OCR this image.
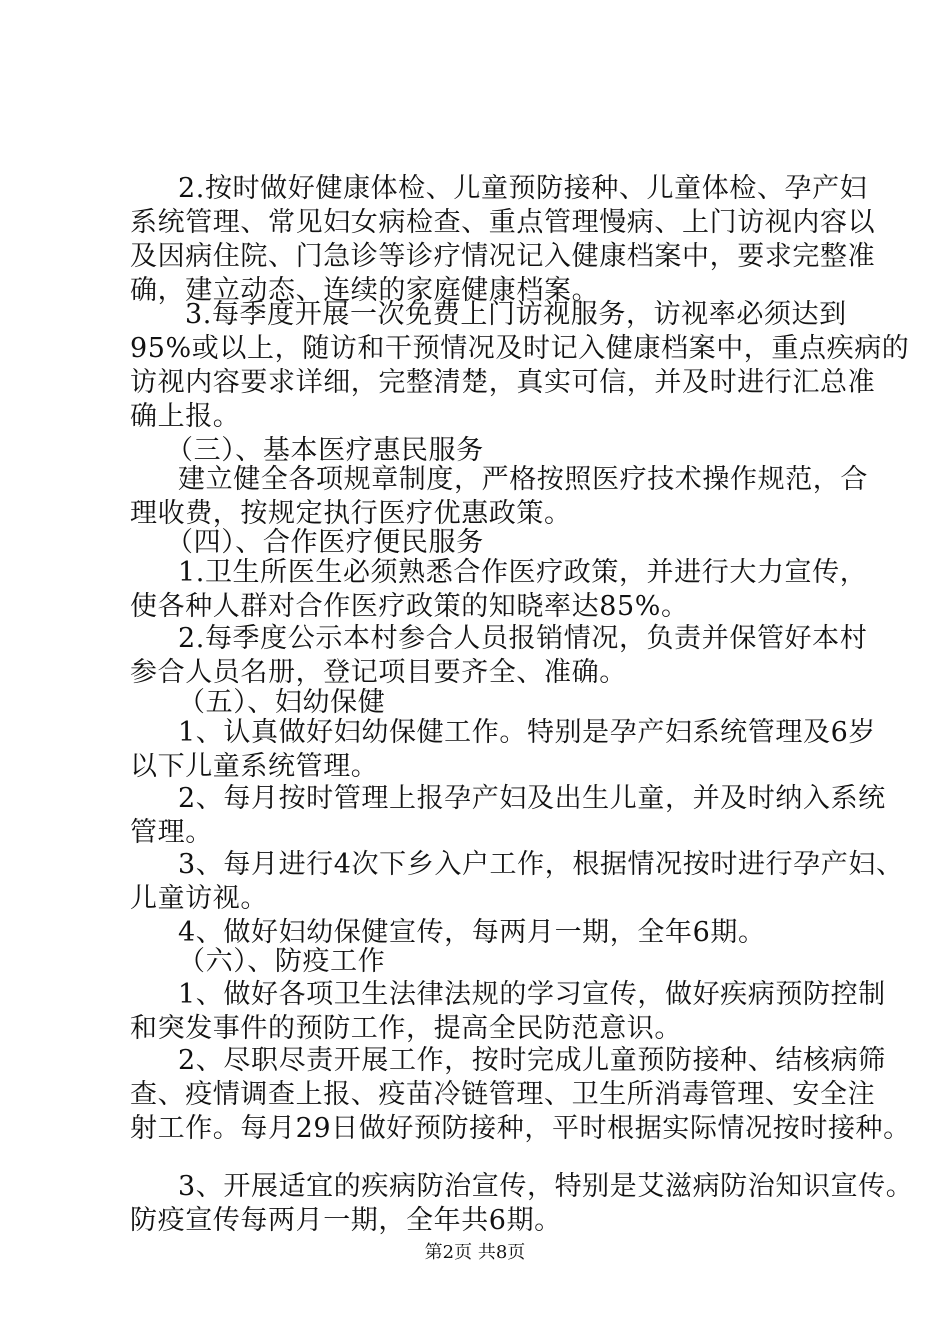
2.按时做好健康体检、儿童预防接种、儿童体检、孕产妇
系统管理、常见妇女病检查、重点管理慢病、上门访视内容以
及因病住院、门急诊等诊疗情况记入健康档案中，要求完整准
确，建立动态、连续的家庭健康档案。
3.每季度开展一次免费上门访视服务，访视率必须达到
95%或以上，随访和干预情况及时记入健康档案中，重点疾病的
访视内容要求详细，完整清楚，真实可信，并及时进行汇总准
确上报。
（三）、基本医疗惠民服务
建立健全各项规章制度，严格按照医疗技术操作规范，合
理收费，按规定执行医疗优惠政策。
（四）、合作医疗便民服务
1.卫生所医生必须熟悉合作医疗政策，并进行大力宣传，
使各种人群对合作医疗政策的知晓率达85%。
2.每季度公示本村参合人员报销情况，负责并保管好本村
参合人员名册，登记项目要齐全、准确。
（五）、妇幼保健
1、认真做好妇幼保健工作。特别是孕产妇系统管理及6岁
以下儿童系统管理。
2、每月按时管理上报孕产妇及出生儿童，并及时纳入系统
管理。
3、每月进行4次下乡入户工作，根据情况按时进行孕产妇、
儿童访视。
4、做好妇幼保健宣传，每两月一期，全年6期。
（六）、防疫工作
1、做好各项卫生法律法规的学习宣传，做好疾病预防控制
和突发事件的预防工作，提高全民防范意识。
2、尽职尽责开展工作，按时完成儿童预防接种、结核病筛
查、疫情调查上报、疫苗冷链管理、卫生所消毒管理、安全注
射工作。每月29日做好预防接种，平时根据实际情况按时接种。
3、开展适宜的疾病防治宣传，特别是艾滋病防治知识宣传。
防疫宣传每两月一期，全年共6期。
第2页 共8页
